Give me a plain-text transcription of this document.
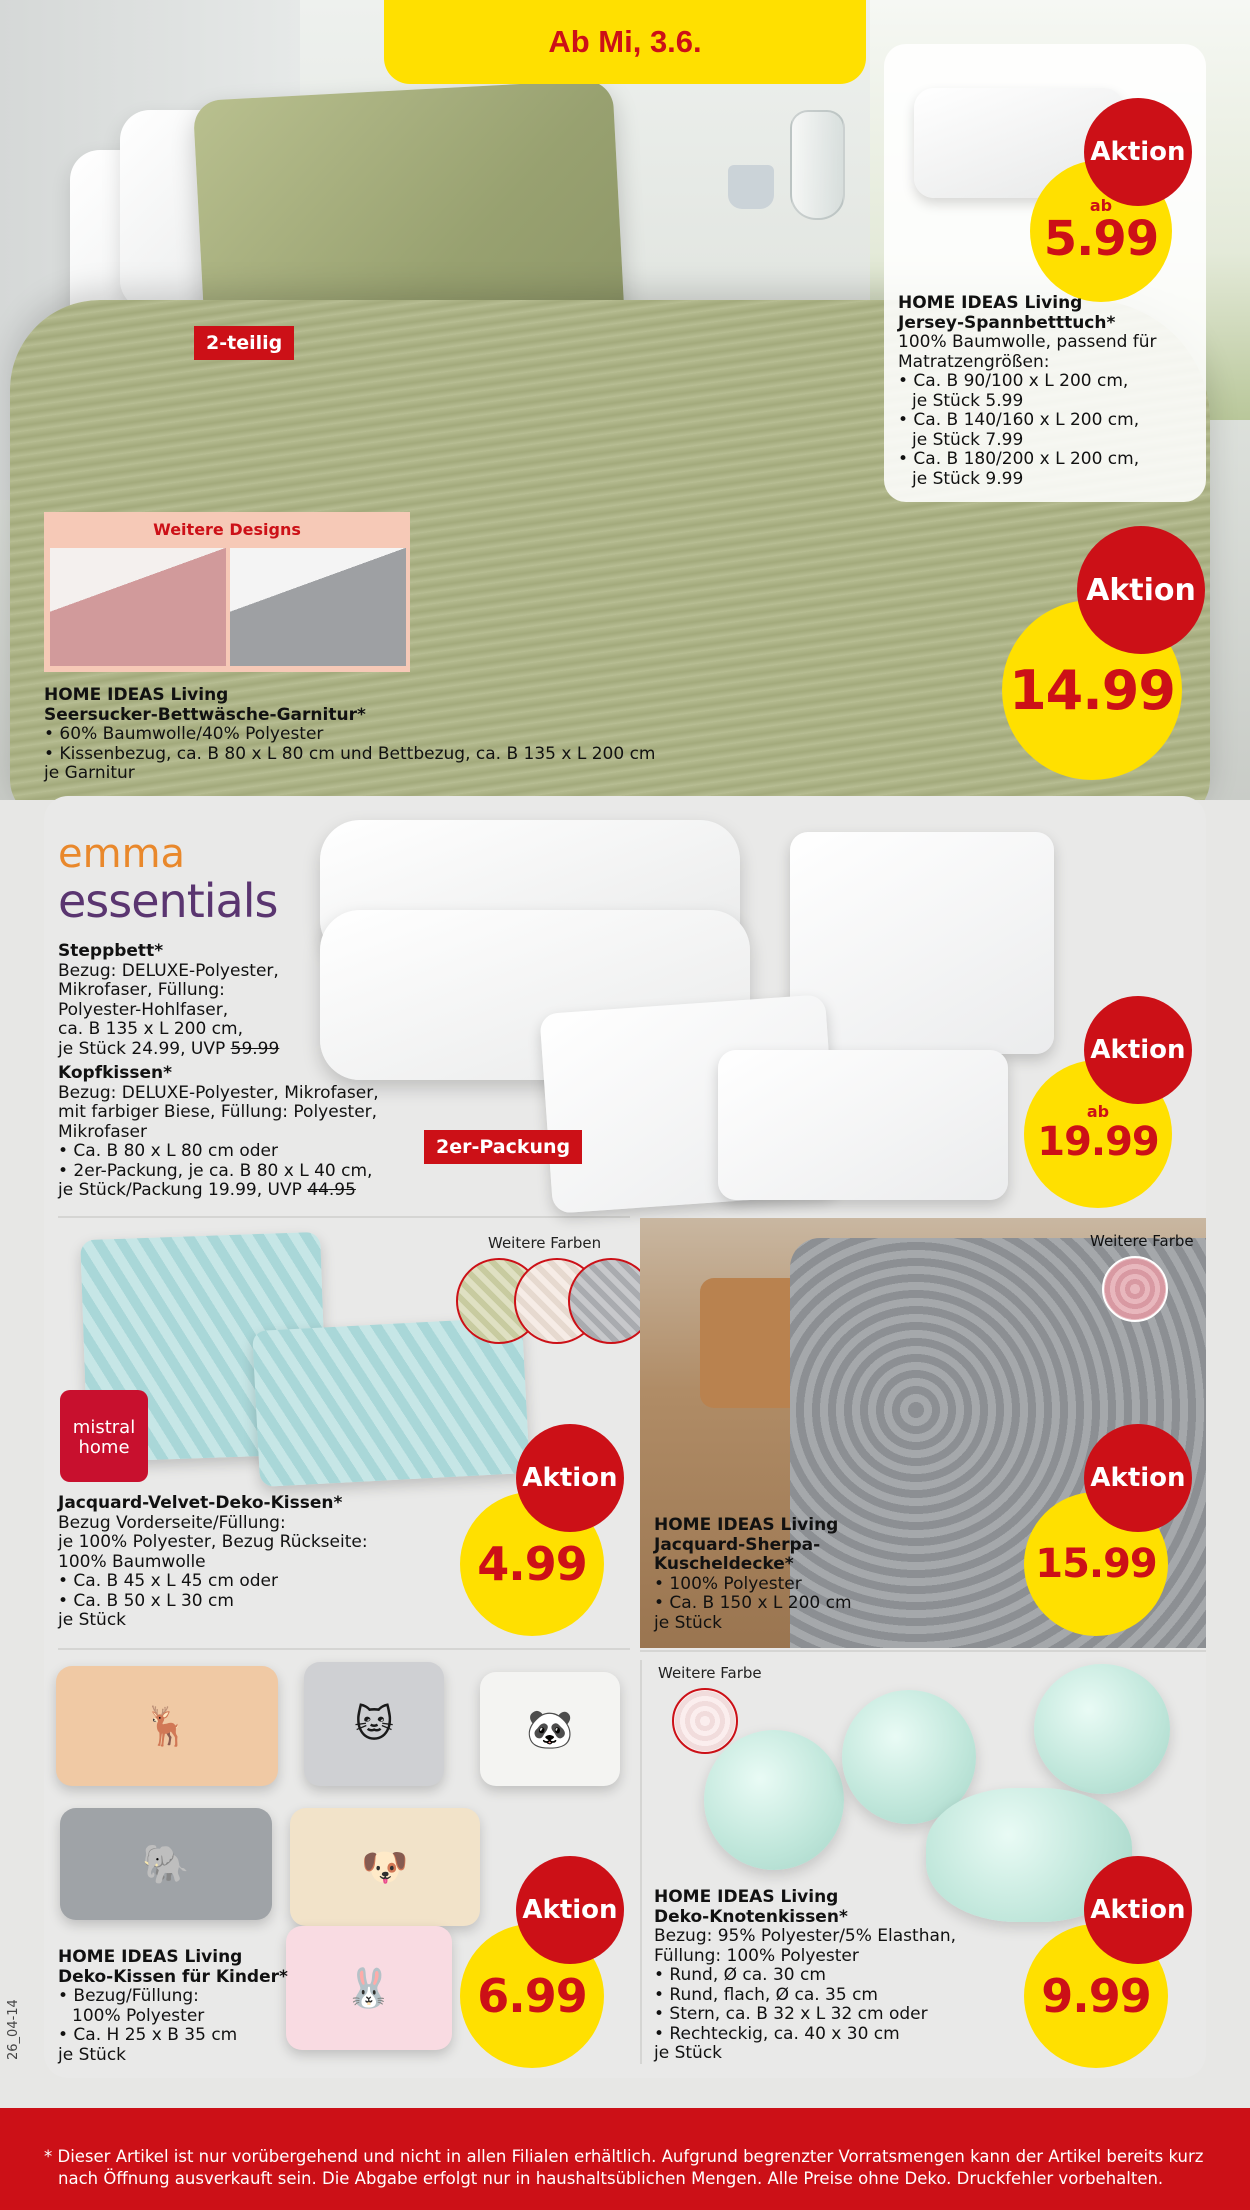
Ab Mi, 3.6.
2-teilig
Weitere Designs
HOME IDEAS Living
Seersucker-Bettwäsche-Garnitur*
• 60% Baumwolle/40% Polyester
• Kissenbezug, ca. B 80 x L 80 cm und Bettbezug, ca. B 135 x L 200 cm
je Garnitur
14.99
Aktion
ab
5.99
Aktion
HOME IDEAS Living
Jersey-Spannbetttuch*
100% Baumwolle, passend für
Matratzengrößen:
• Ca. B 90/100 x L 200 cm,
je Stück 5.99
• Ca. B 140/160 x L 200 cm,
je Stück 7.99
• Ca. B 180/200 x L 200 cm,
je Stück 9.99
emma
essentials
Steppbett*
Bezug: DELUXE-Polyester,
Mikrofaser, Füllung:
Polyester-Hohlfaser,
ca. B 135 x L 200 cm,
je Stück 24.99, UVP 59.99
Kopfkissen*
Bezug: DELUXE-Polyester, Mikrofaser,
mit farbiger Biese, Füllung: Polyester,
Mikrofaser
• Ca. B 80 x L 80 cm oder
• 2er-Packung, je ca. B 80 x L 40 cm,
je Stück/Packung 19.99, UVP 44.95
2er-Packung
ab
19.99
Aktion
mistral home
Weitere Farben
Jacquard-Velvet-Deko-Kissen*
Bezug Vorderseite/Füllung:
je 100% Polyester, Bezug Rückseite:
100% Baumwolle
• Ca. B 45 x L 45 cm oder
• Ca. B 50 x L 30 cm
je Stück
4.99
Aktion
Weitere Farbe
HOME IDEAS Living
Jacquard-Sherpa-
Kuscheldecke*
• 100% Polyester
• Ca. B 150 x L 200 cm
je Stück
15.99
Aktion
🦌	🐱	🐼
🐘	🐶
🐰
HOME IDEAS Living
Deko-Kissen für Kinder*
• Bezug/Füllung:
100% Polyester
• Ca. H 25 x B 35 cm
je Stück
6.99
Aktion
Weitere Farbe
HOME IDEAS Living
Deko-Knotenkissen*
Bezug: 95% Polyester/5% Elasthan,
Füllung: 100% Polyester
• Rund, Ø ca. 30 cm
• Rund, flach, Ø ca. 35 cm
• Stern, ca. B 32 x L 32 cm oder
• Rechteckig, ca. 40 x 30 cm
je Stück
9.99
Aktion
26_04-14
* Dieser Artikel ist nur vorübergehend und nicht in allen Filialen erhältlich. Aufgrund begrenzter Vorratsmengen kann der Artikel bereits kurz
nach Öffnung ausverkauft sein. Die Abgabe erfolgt nur in haushaltsüblichen Mengen. Alle Preise ohne Deko. Druckfehler vorbehalten.
